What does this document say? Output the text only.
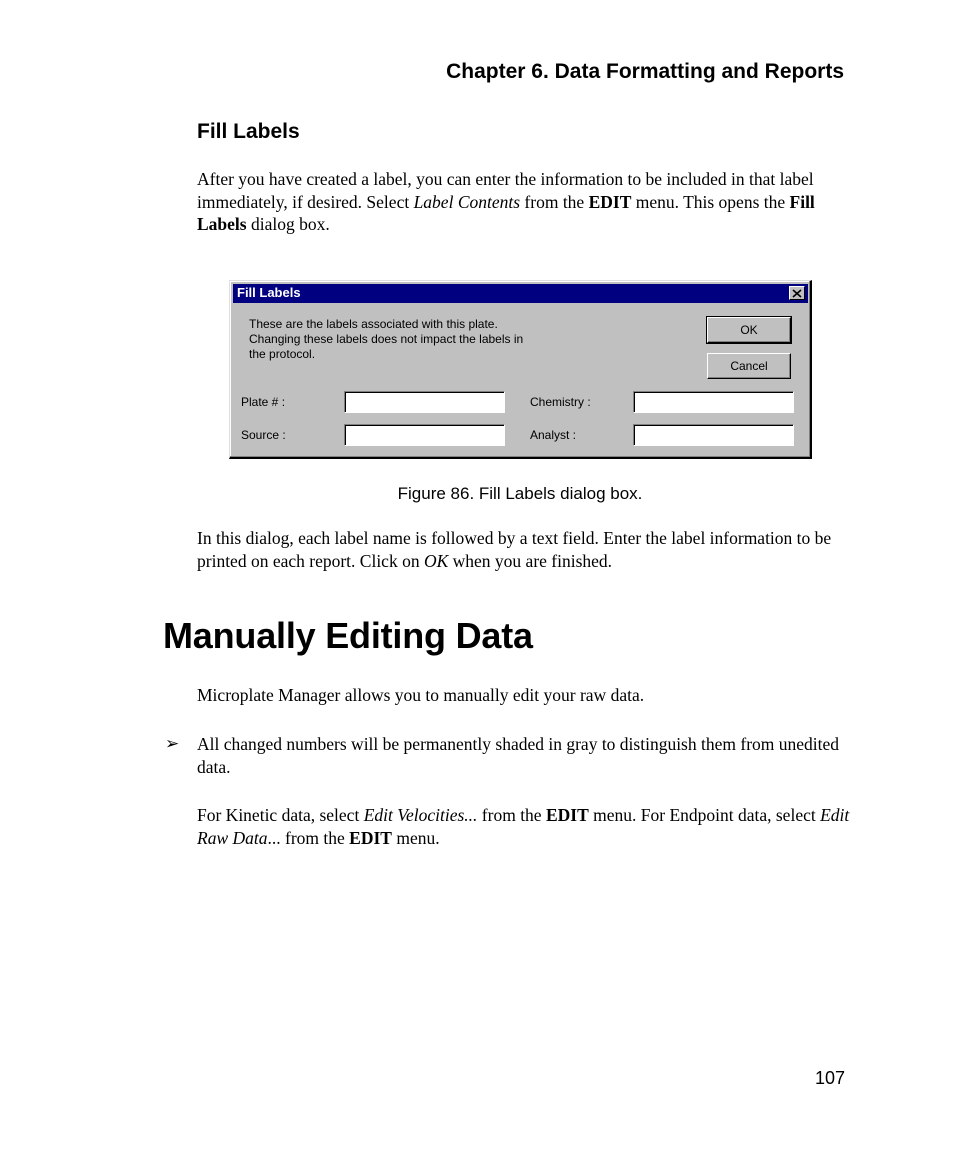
Chapter 6. Data Formatting and Reports
Fill Labels
After you have created a label, you can enter the information to be included in that label immediately, if desired. Select Label Contents from the EDIT menu. This opens the Fill Labels dialog box.
Fill Labels
These are the labels associated with this plate.
Changing these labels does not impact the labels in
the protocol.
OK
Cancel
Plate # :	Chemistry :
Source :	Analyst :
Figure 86. Fill Labels dialog box.
In this dialog, each label name is followed by a text field. Enter the label information to be printed on each report. Click on OK when you are finished.
Manually Editing Data
Microplate Manager allows you to manually edit your raw data.
➢ All changed numbers will be permanently shaded in gray to distinguish them from unedited data.
For Kinetic data, select Edit Velocities... from the EDIT menu. For Endpoint data, select Edit Raw Data... from the EDIT menu.
107
